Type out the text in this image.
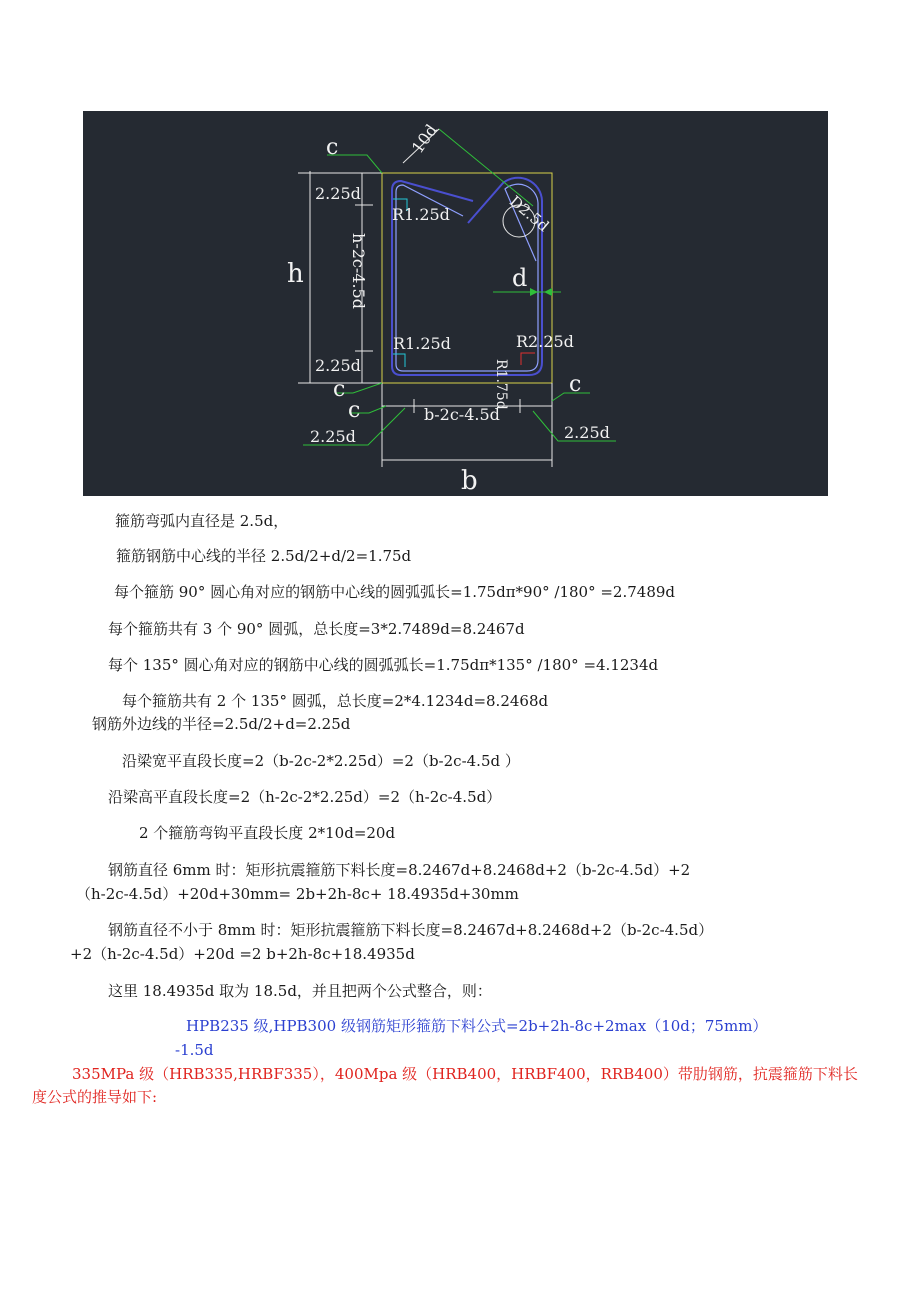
c	10d
2.25d
h-2c-4.5d
h
R1.25d	D2.5d
d
R1.25d	R2.25d
R1.75d
2.25d
c
c
c
b-2c-4.5d
2.25d	2.25d
b
箍筋弯弧内直径是 2.5d，
箍筋钢筋中心线的半径 2.5d/2+d/2=1.75d
每个箍筋 90° 圆心角对应的钢筋中心线的圆弧弧长=1.75dπ*90° /180° =2.7489d
每个箍筋共有 3 个 90° 圆弧，总长度=3*2.7489d=8.2467d
每个 135° 圆心角对应的钢筋中心线的圆弧弧长=1.75dπ*135° /180° =4.1234d
每个箍筋共有 2 个 135° 圆弧，总长度=2*4.1234d=8.2468d
钢筋外边线的半径=2.5d/2+d=2.25d
沿梁宽平直段长度=2（b-2c-2*2.25d）=2（b-2c-4.5d ）
沿梁高平直段长度=2（h-2c-2*2.25d）=2（h-2c-4.5d）
2 个箍筋弯钩平直段长度 2*10d=20d
钢筋直径 6mm 时：矩形抗震箍筋下料长度=8.2467d+8.2468d+2（b-2c-4.5d）+2
（h-2c-4.5d）+20d+30mm= 2b+2h-8c+ 18.4935d+30mm
钢筋直径不小于 8mm 时：矩形抗震箍筋下料长度=8.2467d+8.2468d+2（b-2c-4.5d）
+2（h-2c-4.5d）+20d =2 b+2h-8c+18.4935d
这里 18.4935d 取为 18.5d，并且把两个公式整合，则：
HPB235 级,HPB300 级钢筋矩形箍筋下料公式=2b+2h-8c+2max（10d；75mm）
-1.5d
335MPa 级（HRB335,HRBF335），400Mpa 级（HRB400，HRBF400，RRB400）带肋钢筋，抗震箍筋下料长
度公式的推导如下:
